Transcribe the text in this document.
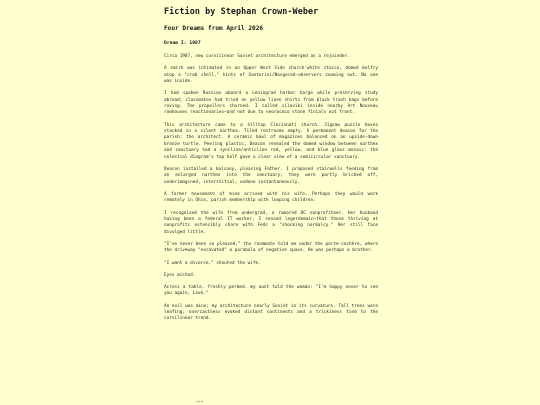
Fiction by Stephan Crown-Weber
Four Dreams from April 2026
Dream I: 1987
Circa 1987, new curvilinear Soviet architecture emerged as a rejoinder.
A smirk was intimated in an Upper West Side church-white stucco, domed belfry atop a "crab shell," hints of Santorini/Novgorod-observers zooming out. No one was inside.
I had spoken Russian aboard a Leningrad harbor barge while preserving study abroad; classmates had tried on yellow linen shirts from black trash bags before roving. The propellers churned. I called siloviki inside nearby Art Nouveau rowhouses reactionaries—and not due to neorococo stone finials out front.
This architecture came to a hilltop Cincinnati church. Jigsaw puzzle boxes stacked in a silent narthex. Tiled restrooms empty. A permanent deacon for the parish: the architect. A ceramic bowl of magazines balanced on an upside-down bronze turtle. Peeling plastic, Deacon revealed the domed window between narthex and sanctuary had a syncline/anticline red, yellow, and blue glass mosaic: the celestial diagram's top half gave a clear view of a semicircular sanctuary.
Deacon installed a balcony, pleasing Father. I proposed stairwells feeding from an enlarged narthex into the sanctuary; they were partly bricked off, underimagined, interstitial, undone instantaneously.
A former housemate of mine arrived with his wife. Perhaps they would work remotely in Ohio, parish membership with looping children.
I recognized the wife from undergrad, a rumored DC nonprofiteer. Her husband having been a federal IT worker, I sensed legerdemain—that those thriving at nonprofits ostensibly share with Feds a "shocking normalcy." Her still face divulged little.
"I've never been so pleased," the roommate told me under the porte-cochère, where the driveway "excavated" a parabola of negative space. He was perhaps a brother.
"I want a divorce," shouted the wife.
Eyes misted.
Across a table, freshly permed, my aunt told the woman: "I'm happy never to see you again, Love."
An evil was mine; my architecture nearly Soviet in its curvature. Tall trees were leafing; overcastness evoked distant continents and a trickiness tied to the curvilinear trend.
***
